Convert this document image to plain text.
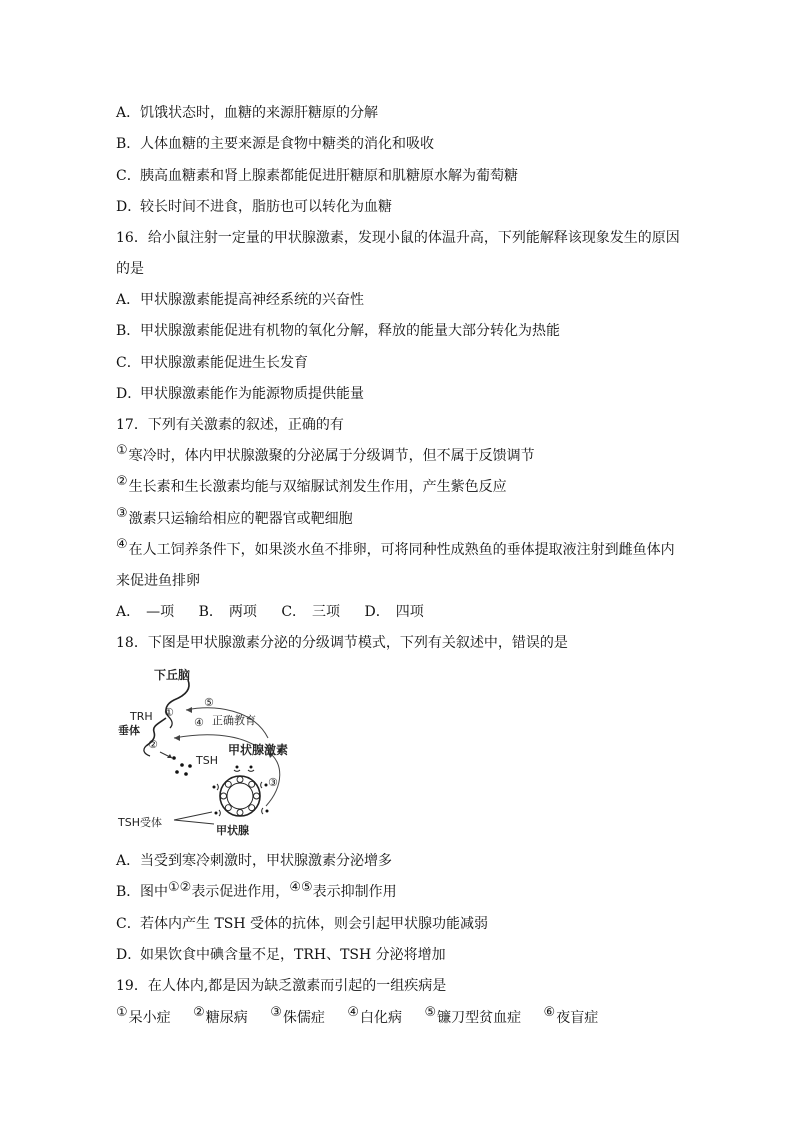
A．饥饿状态时，血糖的来源肝糖原的分解
B．人体血糖的主要来源是食物中糖类的消化和吸收
C．胰高血糖素和肾上腺素都能促进肝糖原和肌糖原水解为葡萄糖
D．较长时间不进食，脂肪也可以转化为血糖
16．给小鼠注射一定量的甲状腺激素，发现小鼠的体温升高，下列能解释该现象发生的原因
的是
A．甲状腺激素能提高神经系统的兴奋性
B．甲状腺激素能促进有机物的氧化分解，释放的能量大部分转化为热能
C．甲状腺激素能促进生长发育
D．甲状腺激素能作为能源物质提供能量
17．下列有关激素的叙述，正确的有
①寒冷时，体内甲状腺激聚的分泌属于分级调节，但不属于反馈调节
②生长素和生长激素均能与双缩脲试剂发生作用，产生紫色反应
③激素只运输给相应的靶器官或靶细胞
④在人工饲养条件下，如果淡水鱼不排卵，可将同种性成熟鱼的垂体提取液注射到雌鱼体内
来促进鱼排卵
A． —项 B． 两项 C． 三项 D． 四项
18．下图是甲状腺激素分泌的分级调节模式，下列有关叙述中，错误的是
下丘脑
TRH
垂体
TSH
甲状腺激素
TSH受体
甲状腺
正确教育
①
②
③
④
⑤
A．当受到寒冷刺激时，甲状腺激素分泌增多
B．图中①②表示促进作用，④⑤表示抑制作用
C．若体内产生 TSH 受体的抗体，则会引起甲状腺功能减弱
D．如果饮食中碘含量不足，TRH、TSH 分泌将增加
19．在人体内,都是因为缺乏激素而引起的一组疾病是
①呆小症 ②糖尿病 ③侏儒症 ④白化病 ⑤镰刀型贫血症 ⑥夜盲症
